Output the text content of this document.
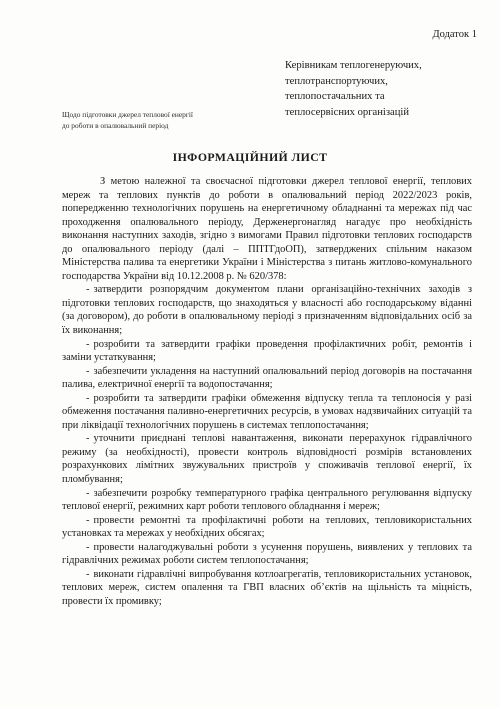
Додаток 1
Керівникам теплогенеруючих,
теплотранспортуючих,
теплопостачальних та
теплосервісних організацій
Щодо підготовки джерел теплової енергії
до роботи в опалювальний період
ІНФОРМАЦІЙНИЙ ЛИСТ

З метою належної та своєчасної підготовки джерел теплової енергії, теплових мереж та теплових пунктів до роботи в опалювальний період 2022/2023 років, попередженню технологічних порушень на енергетичному обладнанні та мережах під час проходження опалювального періоду, Держенергонагляд нагадує про необхідність виконання наступних заходів, згідно з вимогами Правил підготовки теплових господарств до опалювального періоду (далі – ППТГдоОП), затверджених спільним наказом Міністерства палива та енергетики України і Міністерства з питань житлово-комунального господарства України від 10.12.2008 р. № 620/378:

- затвердити розпорядчим документом плани організаційно-технічних заходів з підготовки теплових господарств, що знаходяться у власності або господарському віданні (за договором), до роботи в опалювальному періоді з призначенням відповідальних осіб за їх виконання;

- розробити та затвердити графіки проведення профілактичних робіт, ремонтів і заміни устаткування;

- забезпечити укладення на наступний опалювальний період договорів на постачання палива, електричної енергії та водопостачання;

- розробити та затвердити графіки обмеження відпуску тепла та теплоносія у разі обмеження постачання паливно-енергетичних ресурсів, в умовах надзвичайних ситуацій та при ліквідації технологічних порушень в системах теплопостачання;

- уточнити приєднані теплові навантаження, виконати перерахунок гідравлічного режиму (за необхідності), провести контроль відповідності розмірів встановлених розрахункових лімітних звужувальних пристроїв у споживачів теплової енергії, їх пломбування;

- забезпечити розробку температурного графіка центрального регулювання відпуску теплової енергії, режимних карт роботи теплового обладнання і мереж;

- провести ремонтні та профілактичні роботи на теплових, тепловикористальних установках та мережах у необхідних обсягах;

- провести налагоджувальні роботи з усунення порушень, виявлених у теплових та гідравлічних режимах роботи систем теплопостачання;

- виконати гідравлічні випробування котлоагрегатів, тепловикористальних установок, теплових мереж, систем опалення та ГВП власних об’єктів на щільність та міцність, провести їх промивку;
